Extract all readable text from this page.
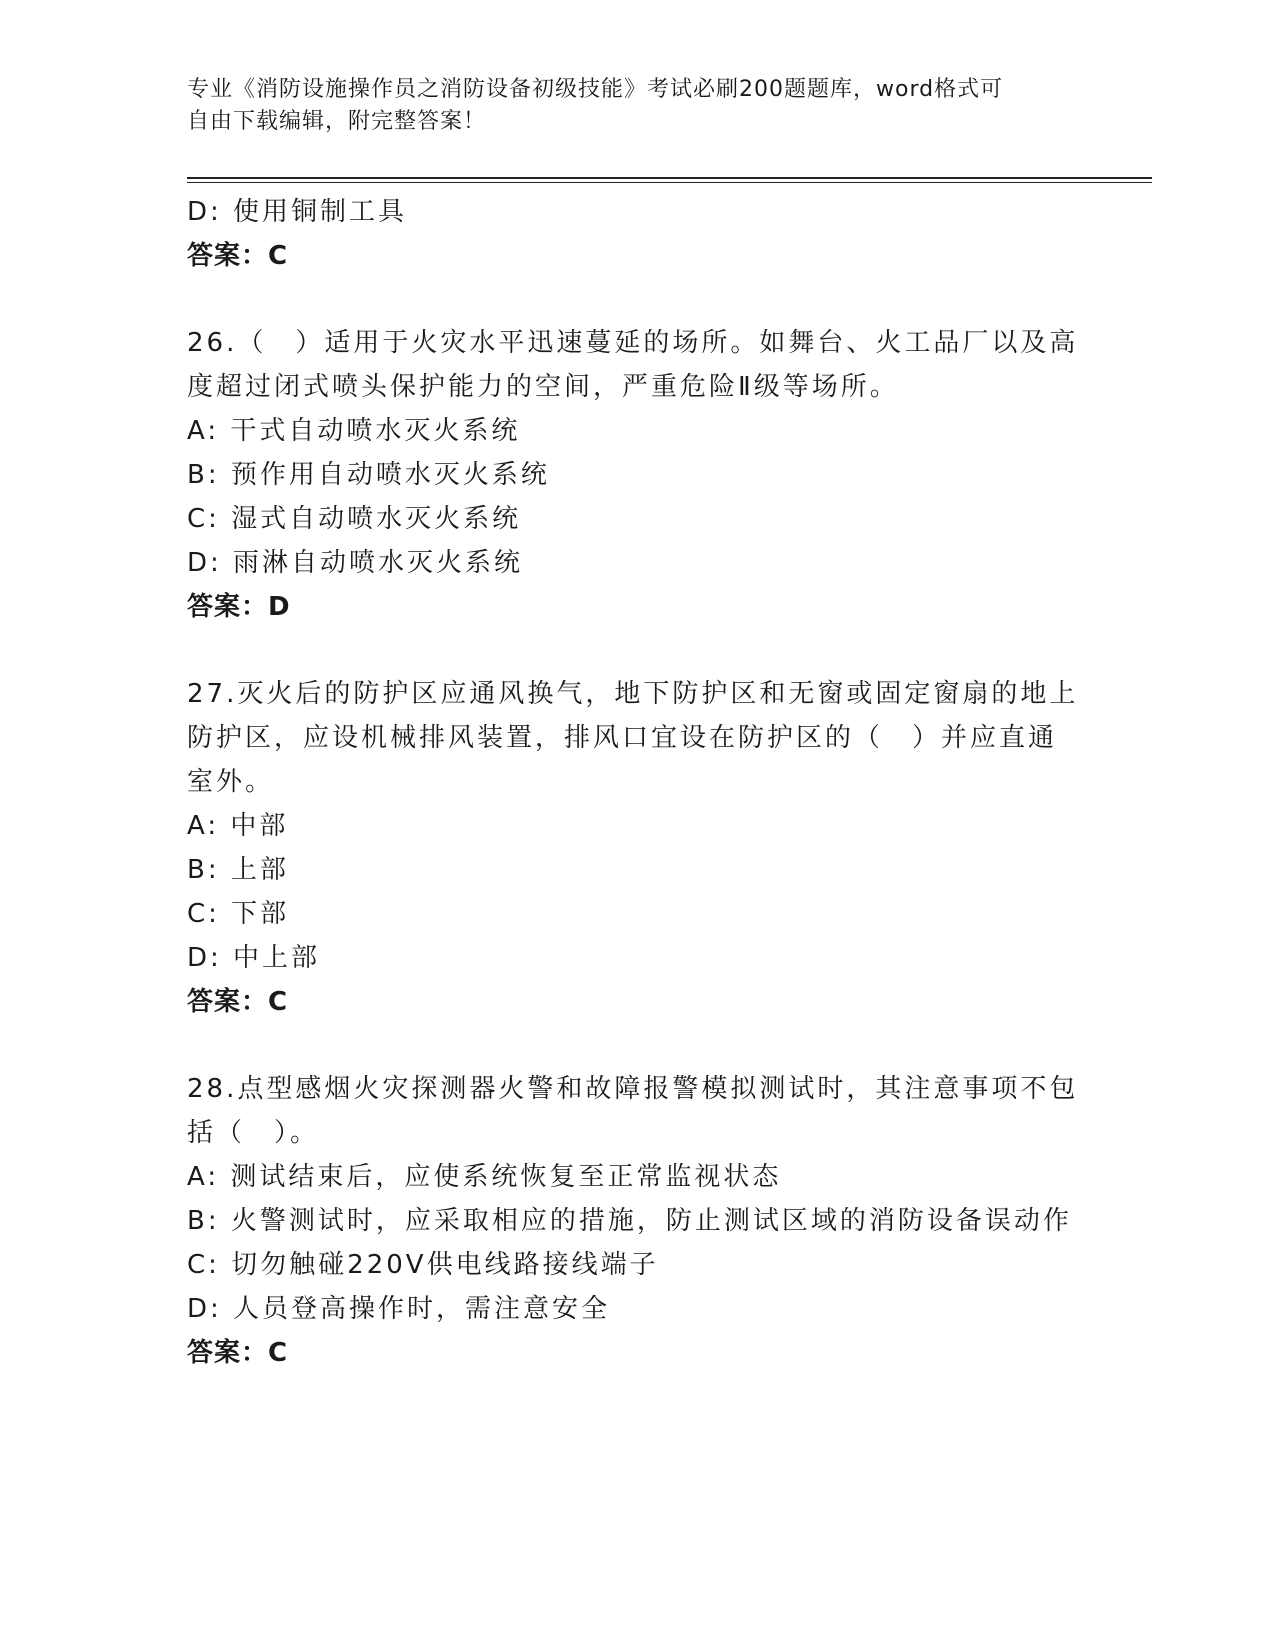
专业《消防设施操作员之消防设备初级技能》考试必刷200题题库，word格式可
自由下载编辑，附完整答案！
D: 使用铜制工具
答案：C
26.（　）适用于火灾水平迅速蔓延的场所。如舞台、火工品厂以及高
度超过闭式喷头保护能力的空间，严重危险Ⅱ级等场所。
A: 干式自动喷水灭火系统
B: 预作用自动喷水灭火系统
C: 湿式自动喷水灭火系统
D: 雨淋自动喷水灭火系统
答案：D
27.灭火后的防护区应通风换气，地下防护区和无窗或固定窗扇的地上
防护区，应设机械排风装置，排风口宜设在防护区的（　）并应直通
室外。
A: 中部
B: 上部
C: 下部
D: 中上部
答案：C
28.点型感烟火灾探测器火警和故障报警模拟测试时，其注意事项不包
括（　）。
A: 测试结束后，应使系统恢复至正常监视状态
B: 火警测试时，应采取相应的措施，防止测试区域的消防设备误动作
C: 切勿触碰220V供电线路接线端子
D: 人员登高操作时，需注意安全
答案：C
